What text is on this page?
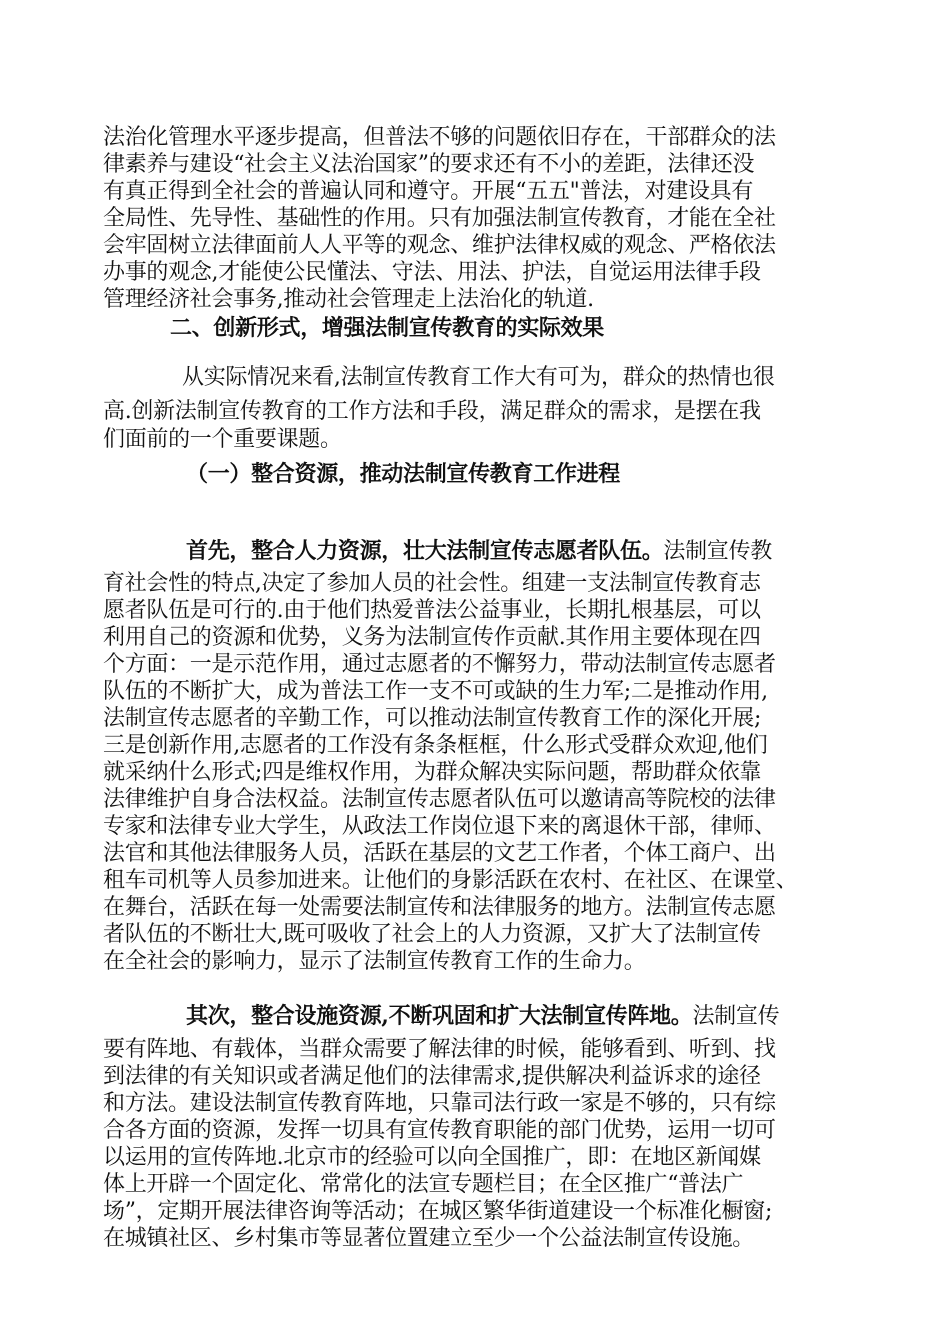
法治化管理水平逐步提高，但普法不够的问题依旧存在，干部群众的法
律素养与建设“社会主义法治国家”的要求还有不小的差距，法律还没
有真正得到全社会的普遍认同和遵守。开展“五五"普法，对建设具有
全局性、先导性、基础性的作用。只有加强法制宣传教育，才能在全社
会牢固树立法律面前人人平等的观念、维护法律权威的观念、严格依法
办事的观念,才能使公民懂法、守法、用法、护法，自觉运用法律手段
管理经济社会事务,推动社会管理走上法治化的轨道.
二、创新形式，增强法制宣传教育的实际效果
从实际情况来看,法制宣传教育工作大有可为，群众的热情也很
高.创新法制宣传教育的工作方法和手段，满足群众的需求，是摆在我
们面前的一个重要课题。
（一）整合资源，推动法制宣传教育工作进程
首先，整合人力资源，壮大法制宣传志愿者队伍。法制宣传教
育社会性的特点,决定了参加人员的社会性。组建一支法制宣传教育志
愿者队伍是可行的.由于他们热爱普法公益事业，长期扎根基层，可以
利用自己的资源和优势，义务为法制宣传作贡献.其作用主要体现在四
个方面：一是示范作用，通过志愿者的不懈努力，带动法制宣传志愿者
队伍的不断扩大，成为普法工作一支不可或缺的生力军;二是推动作用,
法制宣传志愿者的辛勤工作，可以推动法制宣传教育工作的深化开展;
三是创新作用,志愿者的工作没有条条框框，什么形式受群众欢迎,他们
就采纳什么形式;四是维权作用，为群众解决实际问题，帮助群众依靠
法律维护自身合法权益。法制宣传志愿者队伍可以邀请高等院校的法律
专家和法律专业大学生，从政法工作岗位退下来的离退休干部，律师、
法官和其他法律服务人员，活跃在基层的文艺工作者，个体工商户、出
租车司机等人员参加进来。让他们的身影活跃在农村、在社区、在课堂、
在舞台，活跃在每一处需要法制宣传和法律服务的地方。法制宣传志愿
者队伍的不断壮大,既可吸收了社会上的人力资源，又扩大了法制宣传
在全社会的影响力，显示了法制宣传教育工作的生命力。
其次，整合设施资源,不断巩固和扩大法制宣传阵地。法制宣传
要有阵地、有载体，当群众需要了解法律的时候，能够看到、听到、找
到法律的有关知识或者满足他们的法律需求,提供解决利益诉求的途径
和方法。建设法制宣传教育阵地，只靠司法行政一家是不够的，只有综
合各方面的资源，发挥一切具有宣传教育职能的部门优势，运用一切可
以运用的宣传阵地.北京市的经验可以向全国推广，即：在地区新闻媒
体上开辟一个固定化、常常化的法宣专题栏目；在全区推广“普法广
场”，定期开展法律咨询等活动；在城区繁华街道建设一个标准化橱窗;
在城镇社区、乡村集市等显著位置建立至少一个公益法制宣传设施。
